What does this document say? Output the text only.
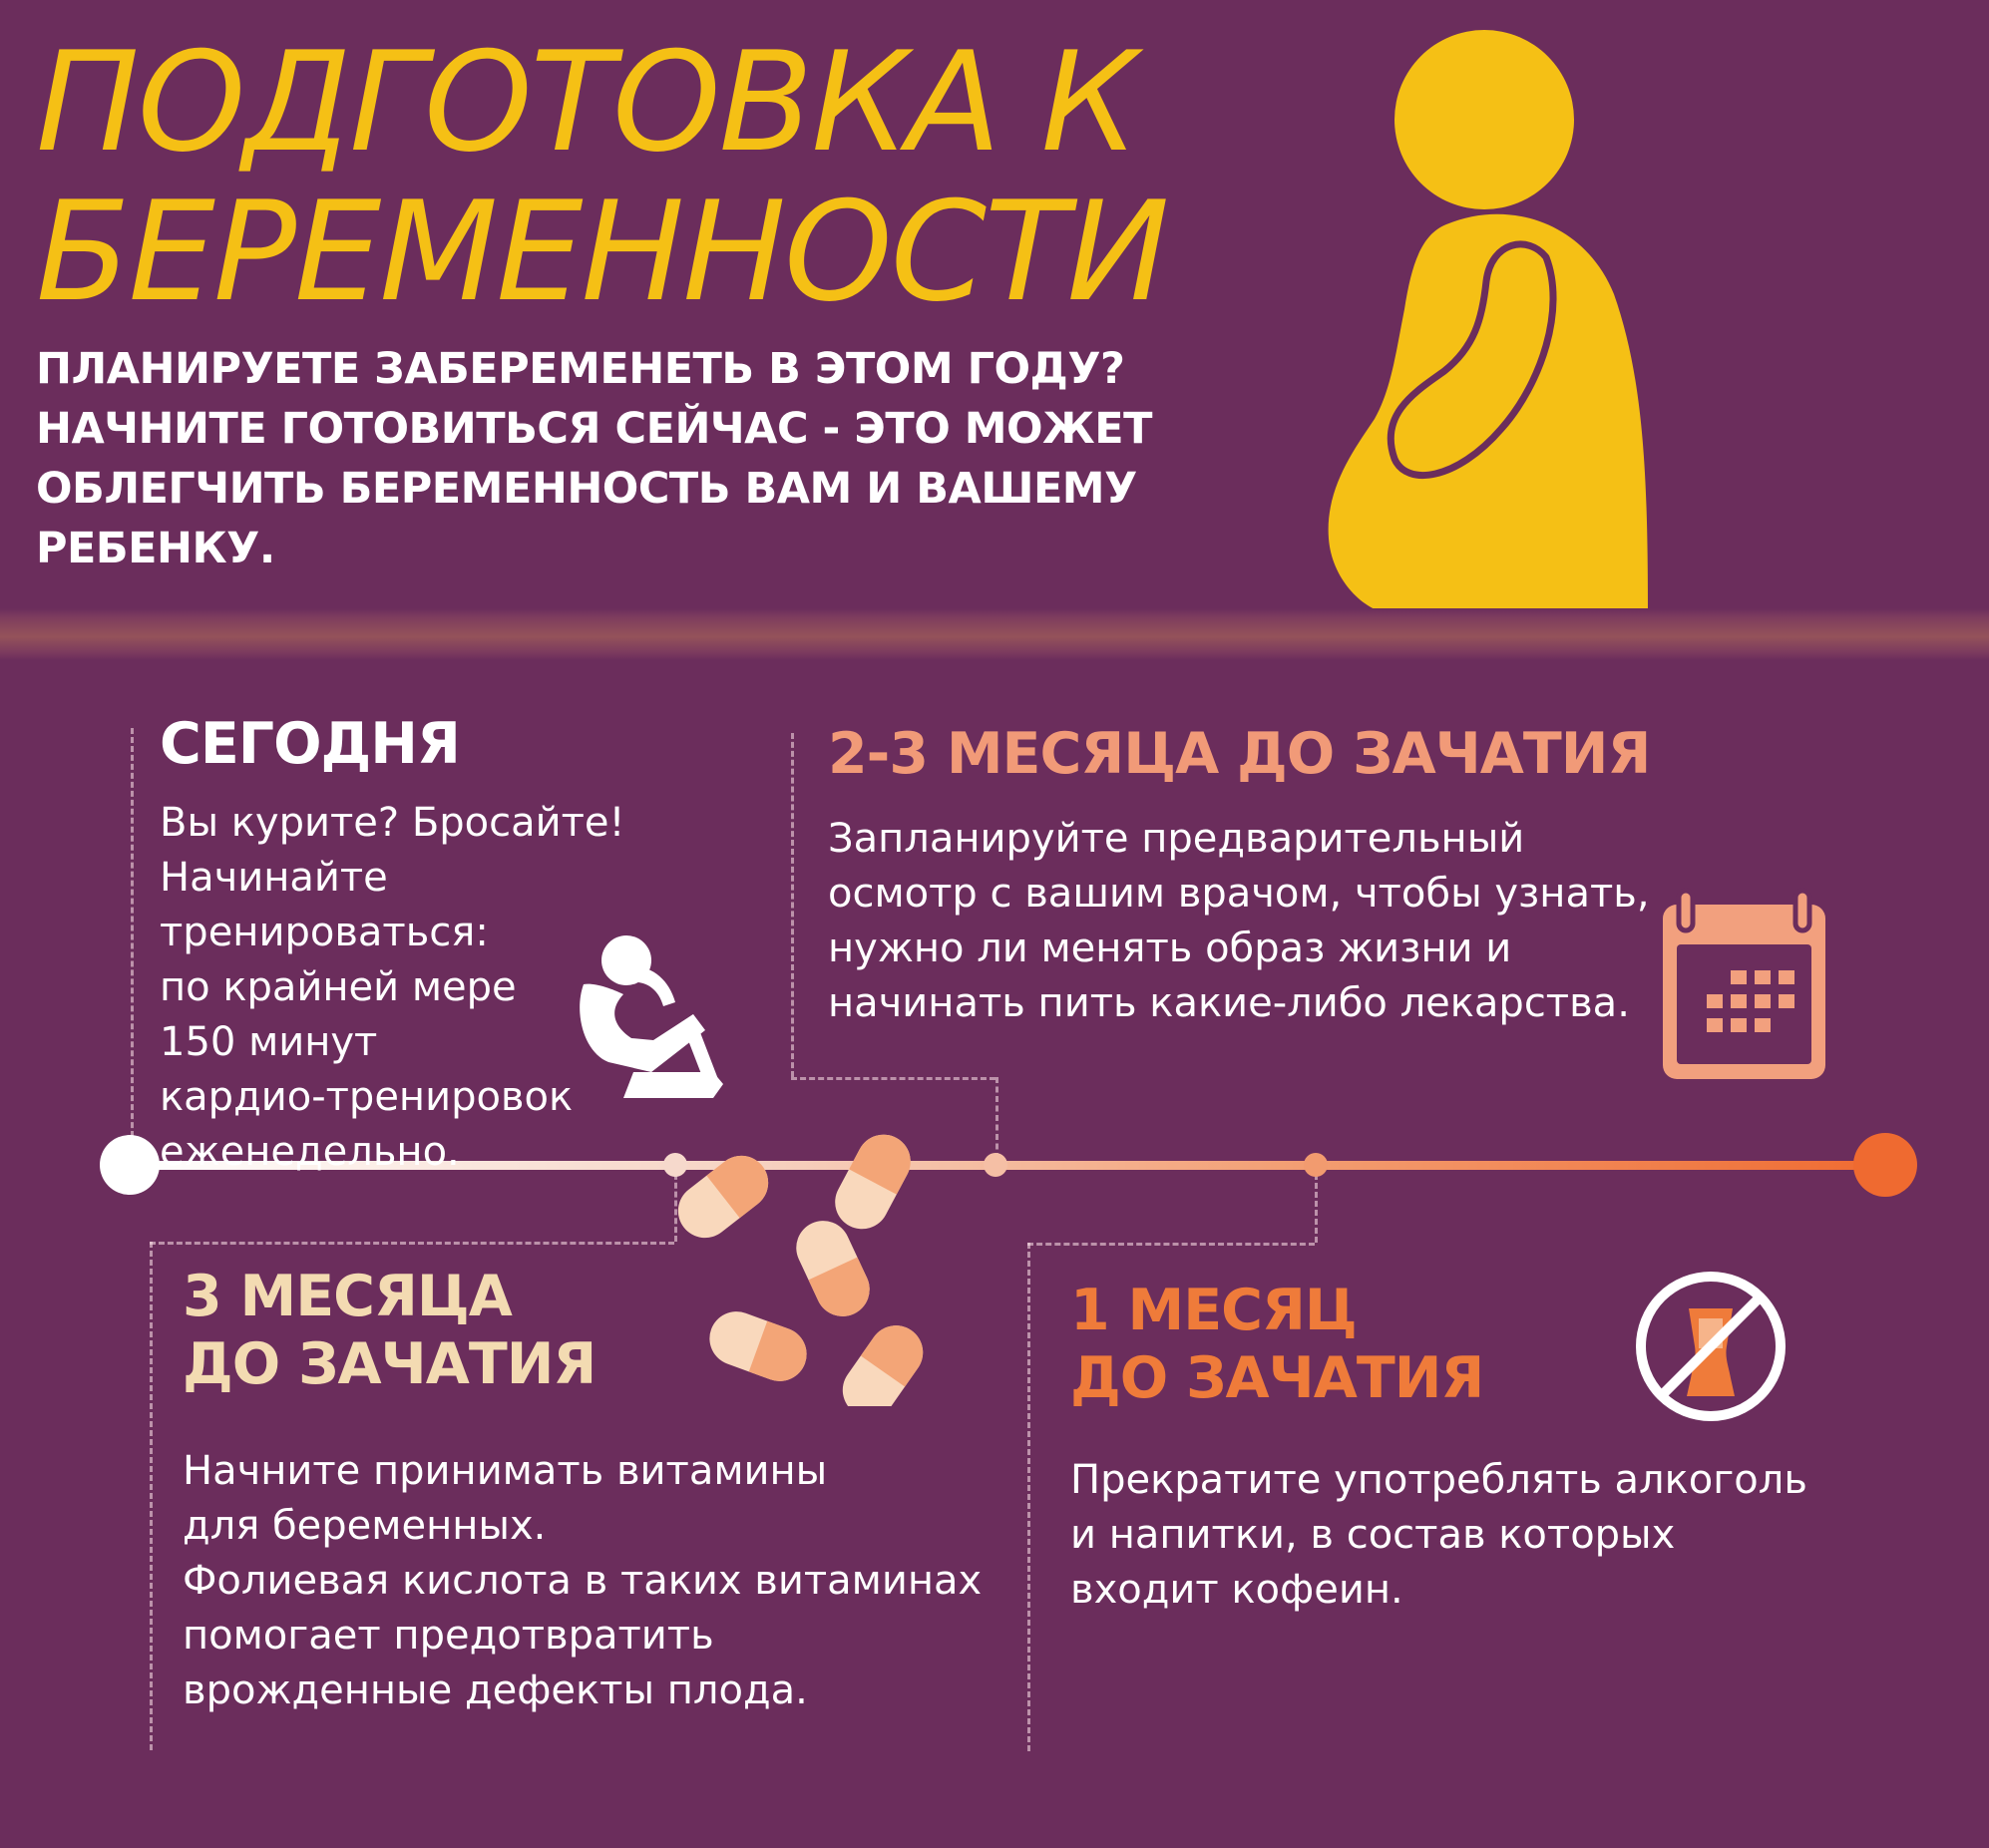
ПОДГОТОВКА К БЕРЕМЕННОСТИ

ПЛАНИРУЕТЕ ЗАБЕРЕМЕНЕТЬ В ЭТОМ ГОДУ? НАЧНИТЕ ГОТОВИТЬСЯ СЕЙЧАС - ЭТО МОЖЕТ ОБЛЕГЧИТЬ БЕРЕМЕННОСТЬ ВАМ И ВАШЕМУ РЕБЕНКУ.

СЕГОДНЯ

Вы курите? Бросайте!
Начинайте тренироваться:
по крайней мере
150 минут
кардио-тренировок
еженедельно.

2-3 МЕСЯЦА ДО ЗАЧАТИЯ

Запланируйте предварительный
осмотр с вашим врачом, чтобы узнать,
нужно ли менять образ жизни и
начинать пить какие-либо лекарства.

3 МЕСЯЦА
ДО ЗАЧАТИЯ

Начните принимать витамины
для беременных.
Фолиевая кислота в таких витаминах
помогает предотвратить
врожденные дефекты плода.

1 МЕСЯЦ
ДО ЗАЧАТИЯ

Прекратите употреблять алкоголь
и напитки, в состав которых
входит кофеин.
